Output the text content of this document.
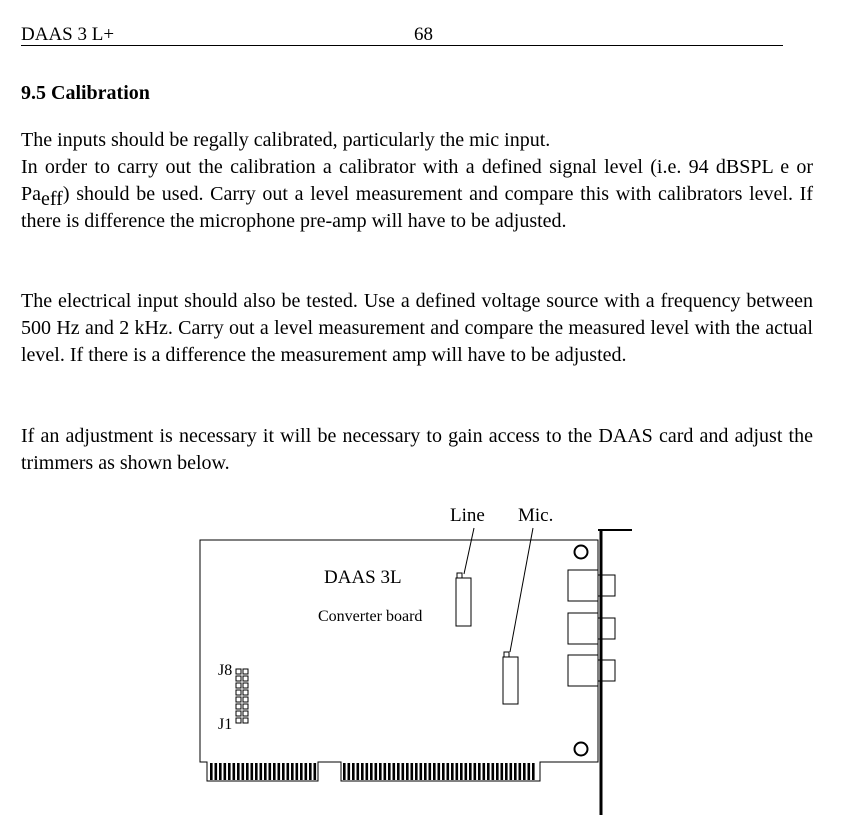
DAAS 3 L+	68
9.5 Calibration
The inputs should be regally calibrated, particularly the mic input.
In order to carry out the calibration a calibrator with a defined signal level (i.e. 94 dBSPL e or $Pa_{eff}$) should be used. Carry out a level measurement and compare this with calibrators level. If there is difference the microphone pre-amp will have to be adjusted.

The electrical input should also be tested. Use a defined voltage source with a frequency between 500 Hz and 2 kHz. Carry out a level measurement and compare the measured level with the actual level. If there is a difference the measurement amp will have to be adjusted.

If an adjustment is necessary it will be necessary to gain access to the DAAS card and adjust the trimmers as shown below.

Line Mic.
DAAS 3L
Converter board
J8
J1
